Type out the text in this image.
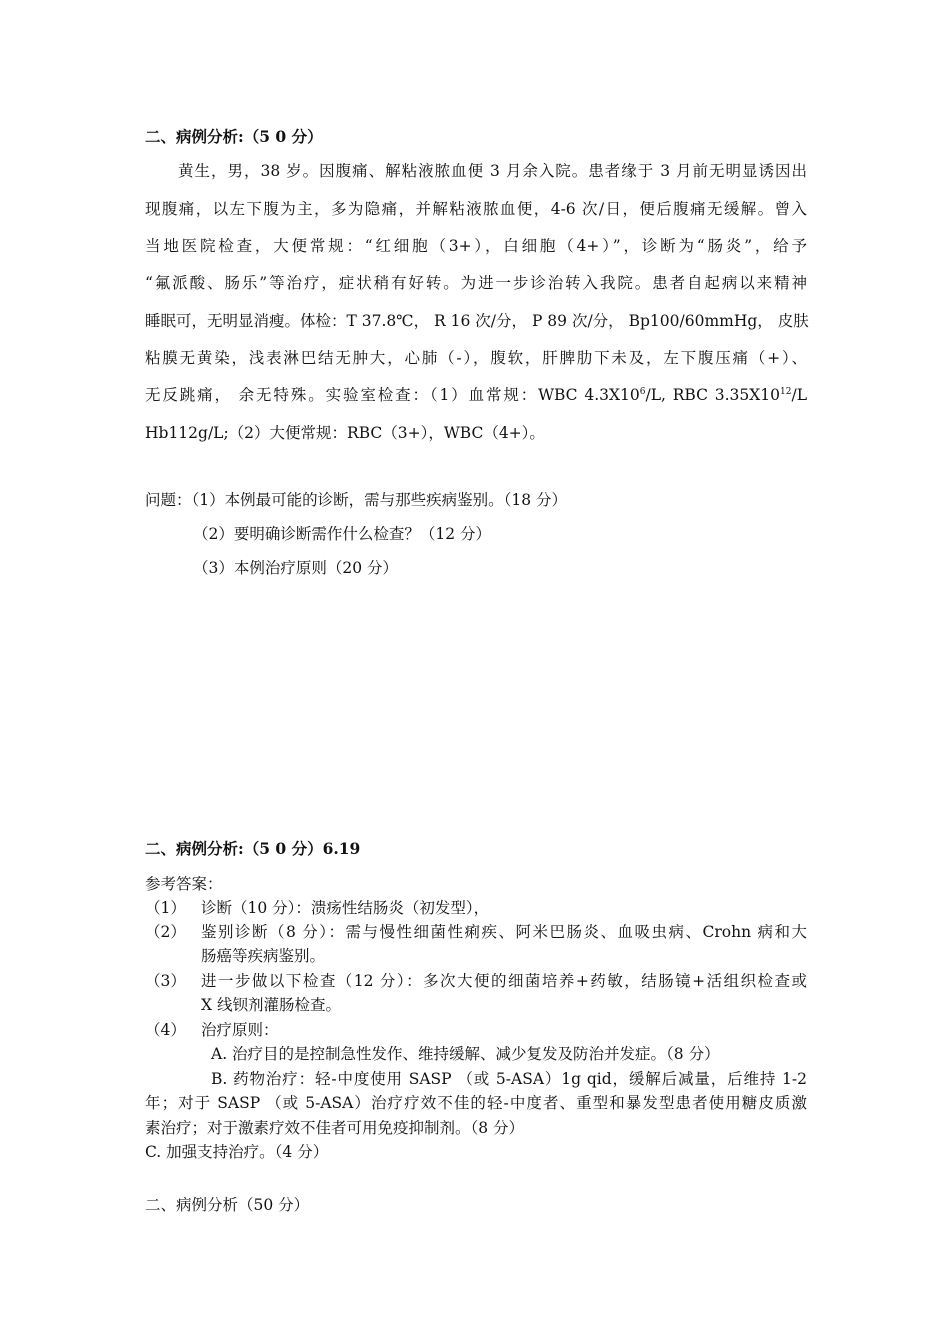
二、病例分析:（5 0 分）
黄生，男，38 岁。因腹痛、解粘液脓血便 3 月余入院。患者缘于 3 月前无明显诱因出
现腹痛，以左下腹为主，多为隐痛，并解粘液脓血便，4-6 次/日，便后腹痛无缓解。曾入
当地医院检查，大便常规：“红细胞（3+），白细胞（4+）”，诊断为“肠炎”，给予
“氟派酸、肠乐”等治疗，症状稍有好转。为进一步诊治转入我院。患者自起病以来精神
睡眠可，无明显消瘦。体检：T 37.8℃， R 16 次/分， P 89 次/分， Bp100/60mmHg， 皮肤
粘膜无黄染，浅表淋巴结无肿大，心肺（-），腹软，肝脾肋下未及，左下腹压痛（+）、
无反跳痛， 余无特殊。实验室检查：（1）血常规：WBC $4.3X10^6/L$, RBC $3.35X10^{12}/L$
Hb112g/L;（2）大便常规：RBC（3+），WBC（4+）。
问题：（1）本例最可能的诊断，需与那些疾病鉴别。（18 分）
（2）要明确诊断需作什么检查？（12 分）
（3）本例治疗原则（20 分）
二、病例分析:（5 0 分）6.19
参考答案：
（1） 诊断（10 分）：溃疡性结肠炎（初发型），
（2） 鉴别诊断（8 分）：需与慢性细菌性痢疾、阿米巴肠炎、血吸虫病、Crohn 病和大
肠癌等疾病鉴别。
（3） 进一步做以下检查（12 分）：多次大便的细菌培养+药敏，结肠镜+活组织检查或
X 线钡剂灌肠检查。
（4） 治疗原则：
A. 治疗目的是控制急性发作、维持缓解、减少复发及防治并发症。（8 分）
B. 药物治疗：轻-中度使用 SASP （或 5-ASA）1g qid，缓解后减量，后维持 1-2
年；对于 SASP （或 5-ASA）治疗疗效不佳的轻-中度者、重型和暴发型患者使用糖皮质激
素治疗；对于激素疗效不佳者可用免疫抑制剂。（8 分）
C. 加强支持治疗。（4 分）
二、病例分析（50 分）
